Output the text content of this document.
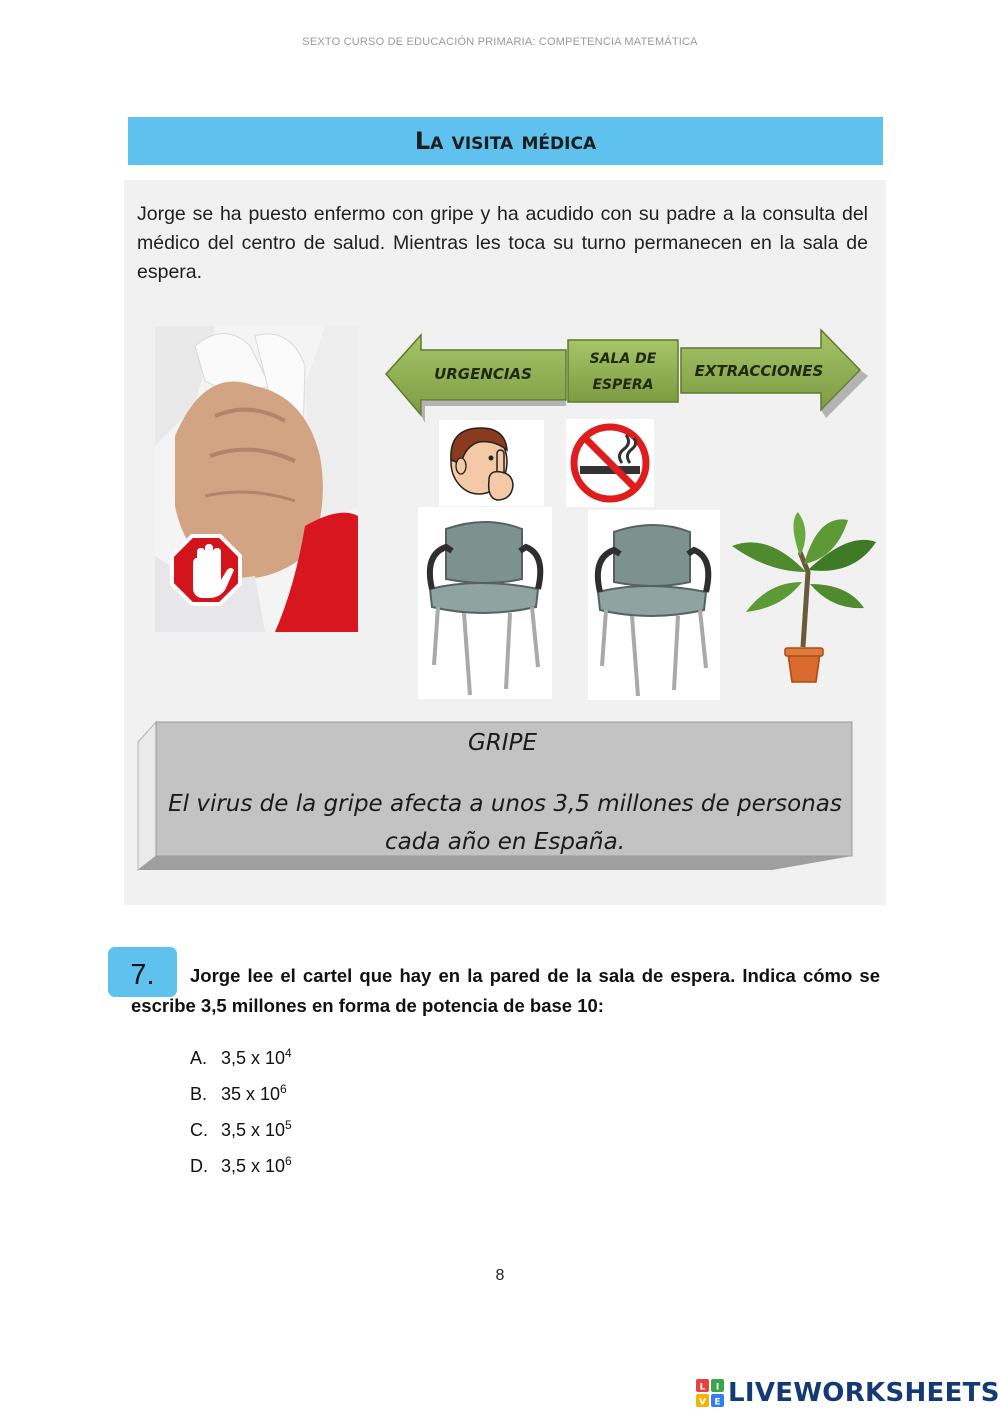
SEXTO CURSO DE EDUCACIÓN PRIMARIA: COMPETENCIA MATEMÁTICA
La visita médica
Jorge se ha puesto enfermo con gripe y ha acudido con su padre a la consulta del médico del centro de salud. Mientras les toca su turno permanecen en la sala de espera.
URGENCIAS
SALA DE
ESPERA
EXTRACCIONES
GRIPE
El virus de la gripe afecta a unos 3,5 millones de personas cada año en España.
7.	Jorge lee el cartel que hay en la pared de la sala de espera. Indica cómo se escribe 3,5 millones en forma de potencia de base 10:
A. 3,5 x $10^4$
B. 35 x $10^6$
C. 3,5 x $10^5$
D. 3,5 x $10^6$
8
L I
V E LIVEWORKSHEETS
